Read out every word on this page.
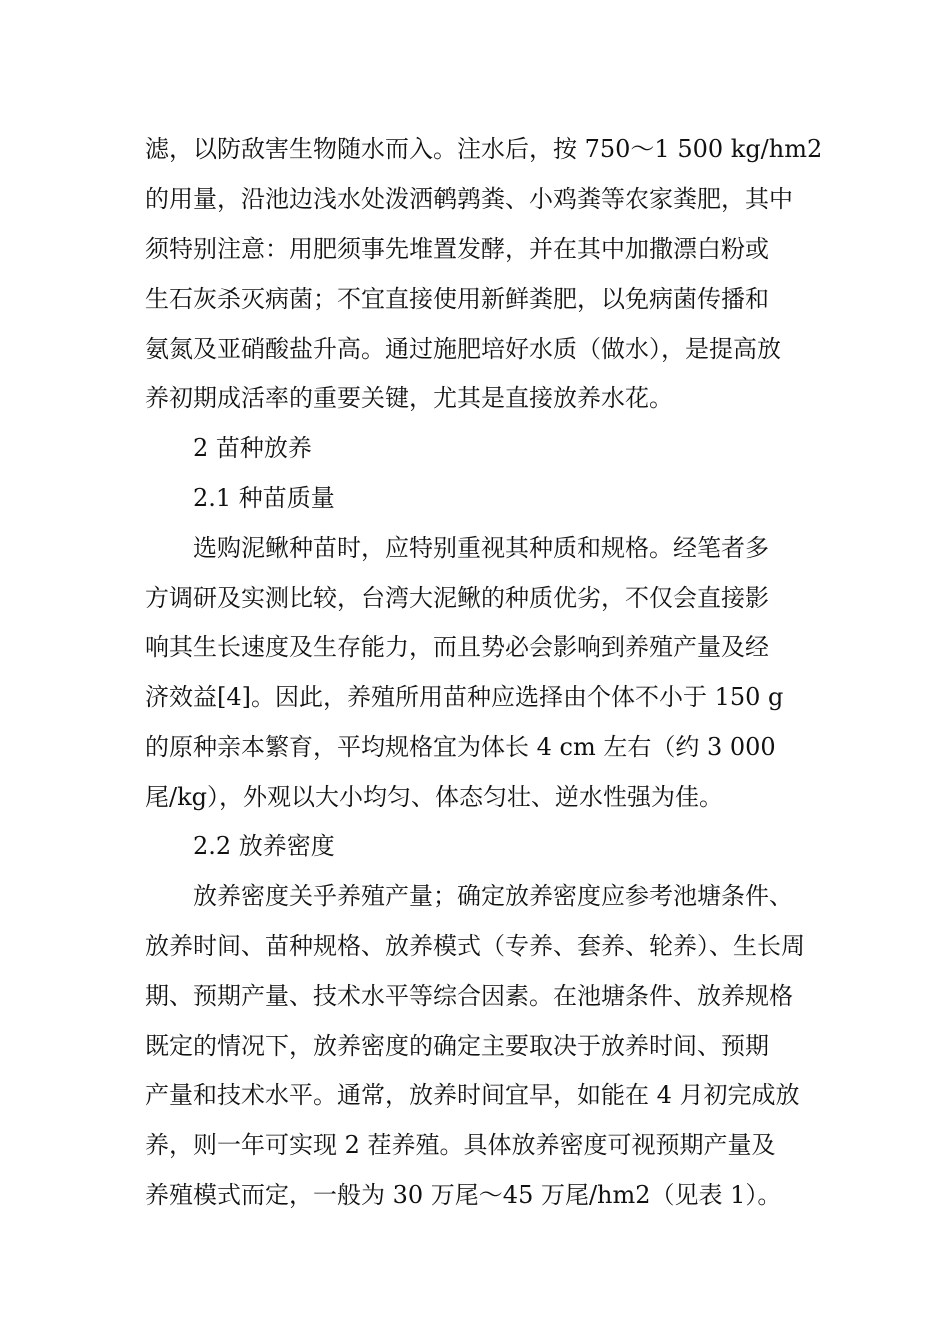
滤，以防敌害生物随水而入。注水后，按 750～1 500 kg/hm2
的用量，沿池边浅水处泼洒鹌鹑粪、小鸡粪等农家粪肥，其中
须特别注意：用肥须事先堆置发酵，并在其中加撒漂白粉或
生石灰杀灭病菌；不宜直接使用新鲜粪肥，以免病菌传播和
氨氮及亚硝酸盐升高。通过施肥培好水质（做水），是提高放
养初期成活率的重要关键，尤其是直接放养水花。
2 苗种放养
2.1 种苗质量
选购泥鳅种苗时，应特别重视其种质和规格。经笔者多
方调研及实测比较，台湾大泥鳅的种质优劣，不仅会直接影
响其生长速度及生存能力，而且势必会影响到养殖产量及经
济效益[4]。因此，养殖所用苗种应选择由个体不小于 150 g
的原种亲本繁育，平均规格宜为体长 4 cm 左右（约 3 000
尾/kg），外观以大小均匀、体态匀壮、逆水性强为佳。
2.2 放养密度
放养密度关乎养殖产量；确定放养密度应参考池塘条件、
放养时间、苗种规格、放养模式（专养、套养、轮养）、生长周
期、预期产量、技术水平等综合因素。在池塘条件、放养规格
既定的情况下，放养密度的确定主要取决于放养时间、预期
产量和技术水平。通常，放养时间宜早，如能在 4 月初完成放
养，则一年可实现 2 茬养殖。具体放养密度可视预期产量及
养殖模式而定，一般为 30 万尾～45 万尾/hm2（见表 1）。
